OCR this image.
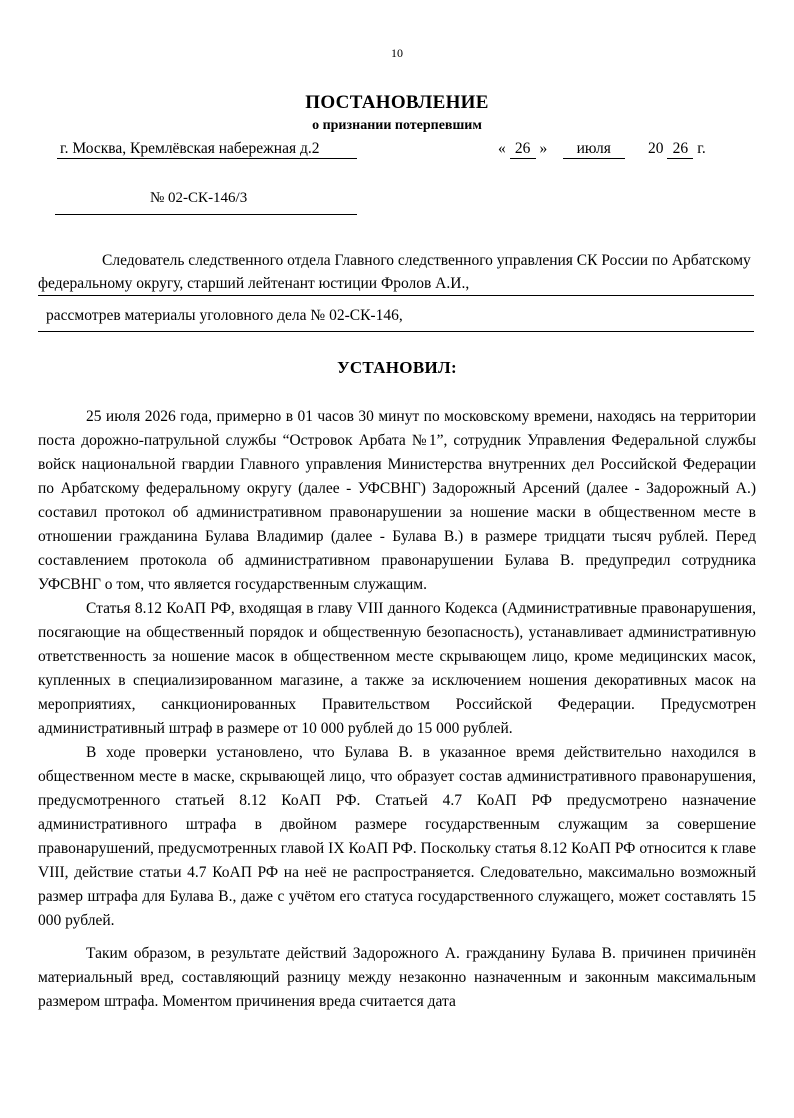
10
ПОСТАНОВЛЕНИЕ
о признании потерпевшим
г. Москва, Кремлёвская набережная д.2	« 26 » июля 20 26 г.
№ 02-СК-146/3
Следователь следственного отдела Главного следственного управления СК России по Арбатскому федеральному округу, старший лейтенант юстиции Фролов А.И.,
рассмотрев материалы уголовного дела № 02-СК-146,
УСТАНОВИЛ:

25 июля 2026 года, примерно в 01 часов 30 минут по московскому времени, находясь на территории поста дорожно-патрульной службы “Островок Арбата №1”, сотрудник Управления Федеральной службы войск национальной гвардии Главного управления Министерства внутренних дел Российской Федерации по Арбатскому федеральному округу (далее - УФСВНГ) Задорожный Арсений (далее - Задорожный А.) составил протокол об административном правонарушении за ношение маски в общественном месте в отношении гражданина Булава Владимир (далее - Булава В.) в размере тридцати тысяч рублей. Перед составлением протокола об административном правонарушении Булава В. предупредил сотрудника УФСВНГ о том, что является государственным служащим.

Статья 8.12 КоАП РФ, входящая в главу VIII данного Кодекса (Административные правонарушения, посягающие на общественный порядок и общественную безопасность), устанавливает административную ответственность за ношение масок в общественном месте скрывающем лицо, кроме медицинских масок, купленных в специализированном магазине, а также за исключением ношения декоративных масок на мероприятиях, санкционированных Правительством Российской Федерации. Предусмотрен административный штраф в размере от 10 000 рублей до 15 000 рублей.

В ходе проверки установлено, что Булава В. в указанное время действительно находился в общественном месте в маске, скрывающей лицо, что образует состав административного правонарушения, предусмотренного статьей 8.12 КоАП РФ. Статьей 4.7 КоАП РФ предусмотрено назначение административного штрафа в двойном размере государственным служащим за совершение правонарушений, предусмотренных главой IX КоАП РФ. Поскольку статья 8.12 КоАП РФ относится к главе VIII, действие статьи 4.7 КоАП РФ на неё не распространяется. Следовательно, максимально возможный размер штрафа для Булава В., даже с учётом его статуса государственного служащего, может составлять 15 000 рублей.

Таким образом, в результате действий Задорожного А. гражданину Булава В. причинен причинён материальный вред, составляющий разницу между незаконно назначенным и законным максимальным размером штрафа. Моментом причинения вреда считается дата
